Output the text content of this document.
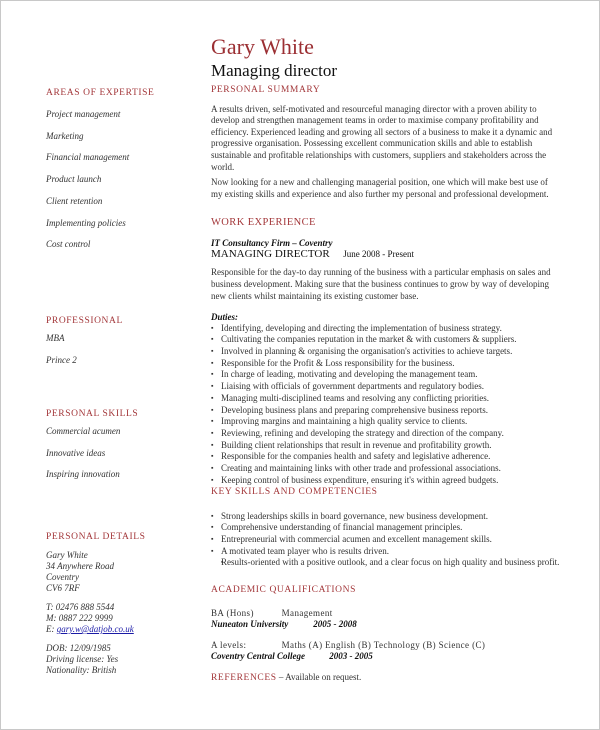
Gary White
Managing director
AREAS OF EXPERTISE
Project management
Marketing
Financial management
Product launch
Client retention
Implementing policies
Cost control
PROFESSIONAL
MBA
Prince 2
PERSONAL SKILLS
Commercial acumen
Innovative ideas
Inspiring innovation
PERSONAL DETAILS
Gary White
34 Anywhere Road
Coventry
CV6 7RF
T: 02476 888 5544
M: 0887 222 9999
E: gary.w@datjob.co.uk
DOB: 12/09/1985
Driving license: Yes
Nationality: British
PERSONAL SUMMARY

A results driven, self-motivated and resourceful managing director with a proven ability to develop and strengthen management teams in order to maximise company profitability and efficiency. Experienced leading and growing all sectors of a business to make it a dynamic and progressive organisation. Possessing excellent communication skills and able to establish sustainable and profitable relationships with customers, suppliers and stakeholders across the world.

Now looking for a new and challenging managerial position, one which will make best use of my existing skills and experience and also further my personal and professional development.

WORK EXPERIENCE
IT Consultancy Firm – Coventry
MANAGING DIRECTOR June 2008 - Present

Responsible for the day-to day running of the business with a particular emphasis on sales and business development. Making sure that the business continues to grow by way of developing new clients whilst maintaining its existing customer base.

Duties:
▪ Identifying, developing and directing the implementation of business strategy.
▪ Cultivating the companies reputation in the market & with customers & suppliers.
▪ Involved in planning & organising the organisation's activities to achieve targets.
▪ Responsible for the Profit & Loss responsibility for the business.
▪ In charge of leading, motivating and developing the management team.
▪ Liaising with officials of government departments and regulatory bodies.
▪ Managing multi-disciplined teams and resolving any conflicting priorities.
▪ Developing business plans and preparing comprehensive business reports.
▪ Improving margins and maintaining a high quality service to clients.
▪ Reviewing, refining and developing the strategy and direction of the company.
▪ Building client relationships that result in revenue and profitability growth.
▪ Responsible for the companies health and safety and legislative adherence.
▪ Creating and maintaining links with other trade and professional associations.
▪ Keeping control of business expenditure, ensuring it's within agreed budgets.
KEY SKILLS AND COMPETENCIES
▪ Strong leaderships skills in board governance, new business development.
▪ Comprehensive understanding of financial management principles.
▪ Entrepreneurial with commercial acumen and excellent management skills.
▪ A motivated team player who is results driven.
▪ Results-oriented with a positive outlook, and a clear focus on high quality and business profit.
ACADEMIC QUALIFICATIONS
BA (Hons)	Management
Nuneaton University	2005 - 2008
A levels:	Maths (A) English (B) Technology (B) Science (C)
Coventry Central College	2003 - 2005
REFERENCES – Available on request.
